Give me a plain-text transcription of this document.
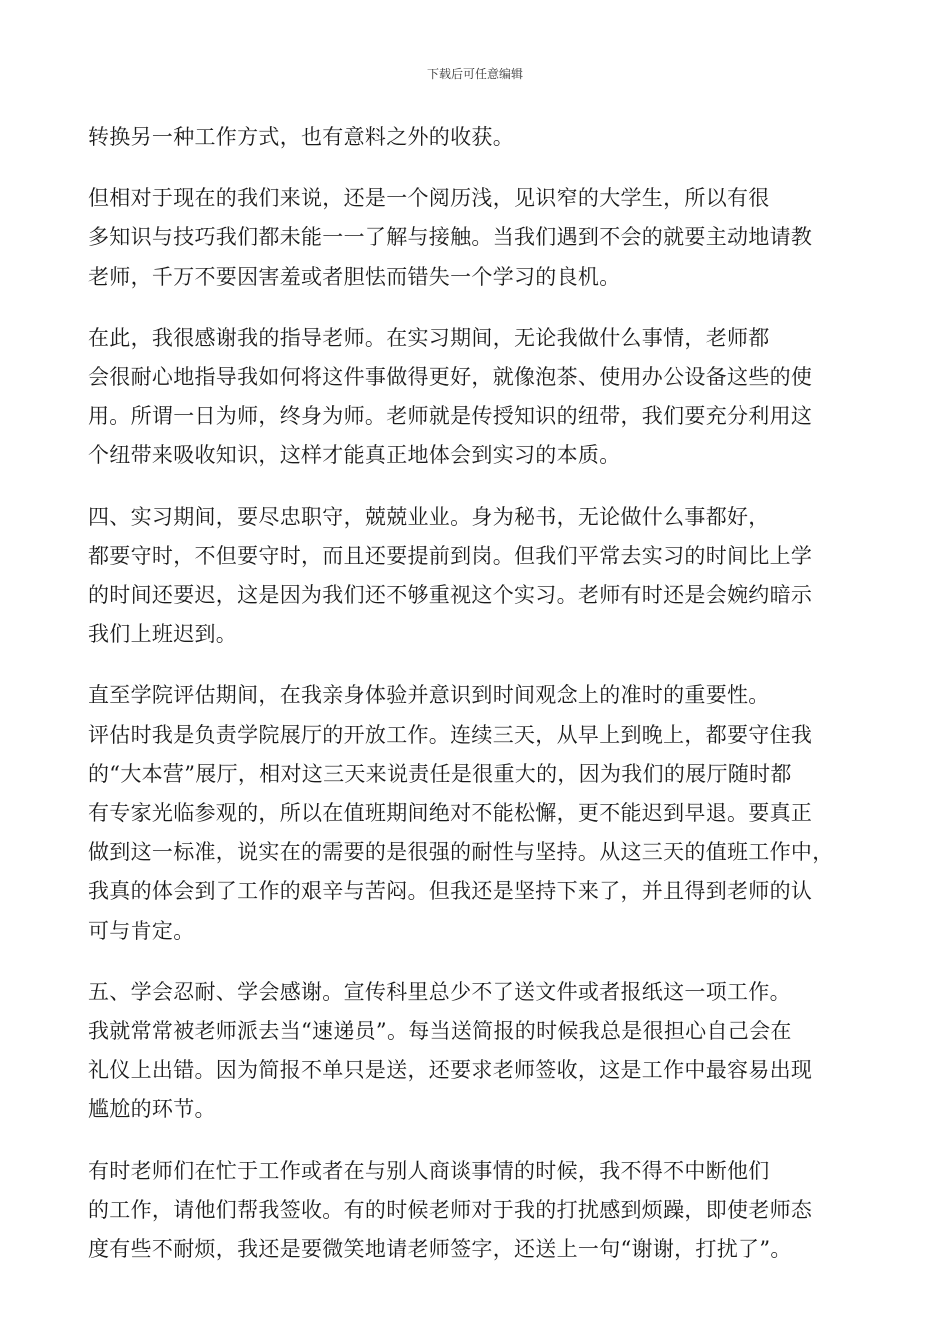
下载后可任意编辑

转换另一种工作方式，也有意料之外的收获。

但相对于现在的我们来说，还是一个阅历浅，见识窄的大学生，所以有很
多知识与技巧我们都未能一一了解与接触。当我们遇到不会的就要主动地请教
老师，千万不要因害羞或者胆怯而错失一个学习的良机。

在此，我很感谢我的指导老师。在实习期间，无论我做什么事情，老师都
会很耐心地指导我如何将这件事做得更好，就像泡茶、使用办公设备这些的使
用。所谓一日为师，终身为师。老师就是传授知识的纽带，我们要充分利用这
个纽带来吸收知识，这样才能真正地体会到实习的本质。

四、实习期间，要尽忠职守，兢兢业业。身为秘书，无论做什么事都好，
都要守时，不但要守时，而且还要提前到岗。但我们平常去实习的时间比上学
的时间还要迟，这是因为我们还不够重视这个实习。老师有时还是会婉约暗示
我们上班迟到。

直至学院评估期间，在我亲身体验并意识到时间观念上的准时的重要性。
评估时我是负责学院展厅的开放工作。连续三天，从早上到晚上，都要守住我
的“大本营”展厅，相对这三天来说责任是很重大的，因为我们的展厅随时都
有专家光临参观的，所以在值班期间绝对不能松懈，更不能迟到早退。要真正
做到这一标准，说实在的需要的是很强的耐性与坚持。从这三天的值班工作中，
我真的体会到了工作的艰辛与苦闷。但我还是坚持下来了，并且得到老师的认
可与肯定。

五、学会忍耐、学会感谢。宣传科里总少不了送文件或者报纸这一项工作。
我就常常被老师派去当“速递员”。每当送简报的时候我总是很担心自己会在
礼仪上出错。因为简报不单只是送，还要求老师签收，这是工作中最容易出现
尴尬的环节。

有时老师们在忙于工作或者在与别人商谈事情的时候，我不得不中断他们
的工作，请他们帮我签收。有的时候老师对于我的打扰感到烦躁，即使老师态
度有些不耐烦，我还是要微笑地请老师签字，还送上一句“谢谢，打扰了”。
